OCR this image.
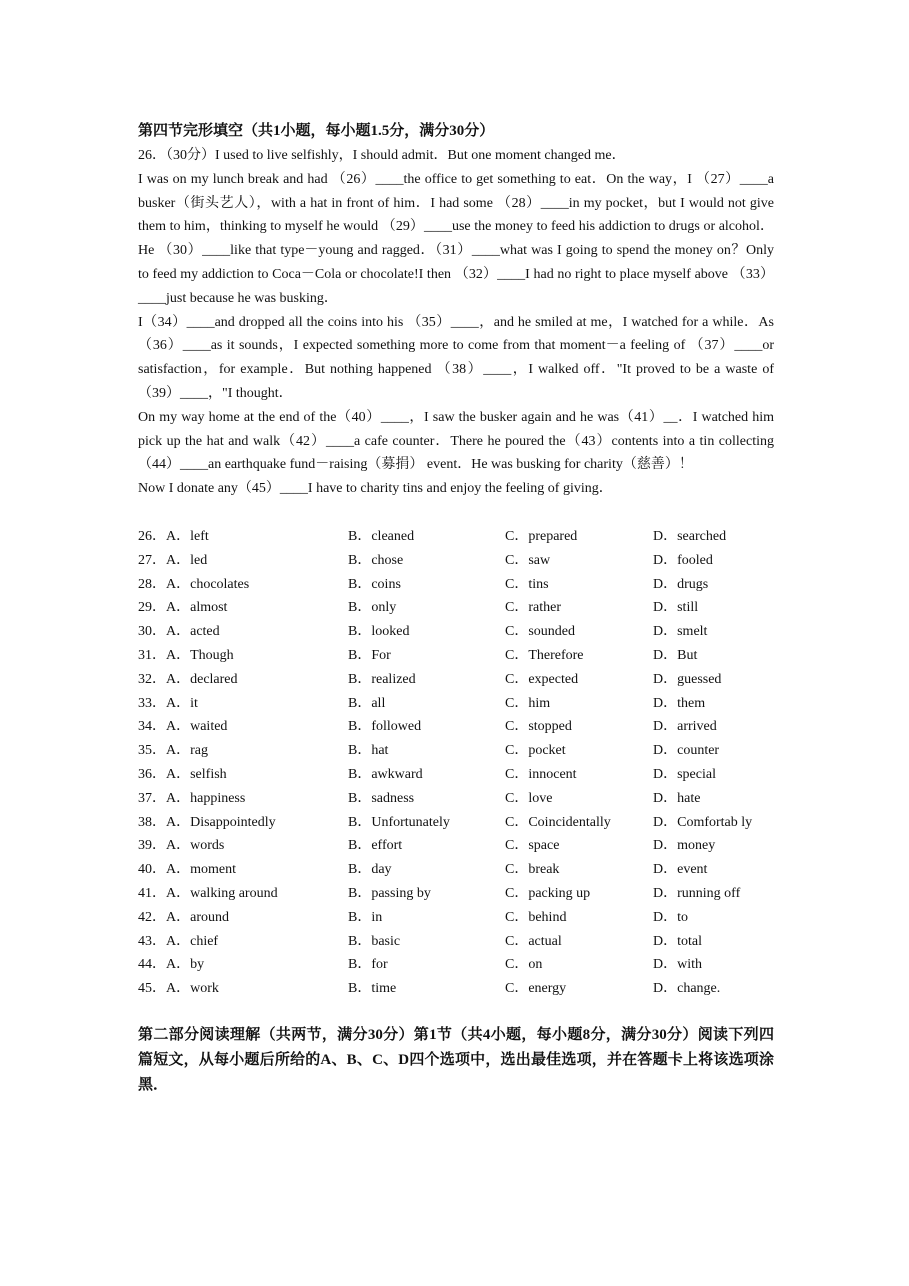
第四节完形填空（共1小题，每小题1.5分，满分30分）

26．（30分）I used to live selfishly，I should admit．But one moment changed me．

I was on my lunch break and had （26）____the office to get something to eat．On the way，I （27）____a busker（街头艺人），with a hat in front of him．I had some （28）____in my pocket，but I would not give them to him，thinking to myself he would （29）____use the money to feed his addiction to drugs or alcohol．He （30）____like that type－young and ragged．（31）____what was I going to spend the money on？Only to feed my addiction to Coca－Cola or chocolate!I then （32）____I had no right to place myself above （33）____just because he was busking．

I（34）____and dropped all the coins into his （35）____，and he smiled at me，I watched for a while．As （36）____as it sounds，I expected something more to come from that moment－a feeling of （37）____or satisfaction，for example．But nothing happened （38）____，I walked off．"It proved to be a waste of （39）____，"I thought．

On my way home at the end of the（40）____，I saw the busker again and he was（41）__．I watched him pick up the hat and walk（42）____a cafe counter．There he poured the（43）contents into a tin collecting（44）____an earthquake fund－raising（募捐） event．He was busking for charity（慈善）！

Now I donate any（45）____I have to charity tins and enjoy the feeling of giving．

26．A．left	B．cleaned	C．prepared	D．searched
27．A．led	B．chose	C．saw	D．fooled
28．A．chocolates	B．coins	C．tins	D．drugs
29．A．almost	B．only	C．rather	D．still
30．A．acted	B．looked	C．sounded	D．smelt
31．A．Though	B．For	C．Therefore	D．But
32．A．declared	B．realized	C．expected	D．guessed
33．A．it	B．all	C．him	D．them
34．A．waited	B．followed	C．stopped	D．arrived
35．A．rag	B．hat	C．pocket	D．counter
36．A．selfish	B．awkward	C．innocent	D．special
37．A．happiness	B．sadness	C．love	D．hate
38．A．Disappointedly	B．Unfortunately	C．Coincidentally	D．Comfortab ly
39．A．words	B．effort	C．space	D．money
40．A．moment	B．day	C．break	D．event
41．A．walking around	B．passing by	C．packing up	D．running off
42．A．around	B．in	C．behind	D．to
43．A．chief	B．basic	C．actual	D．total
44．A．by	B．for	C．on	D．with
45．A．work	B．time	C．energy	D．change.
第二部分阅读理解（共两节，满分30分）第1节（共4小题，每小题8分，满分30分）阅读下列四篇短文，从每小题后所给的A、B、C、D四个选项中，选出最佳选项，并在答题卡上将该选项涂黑．
